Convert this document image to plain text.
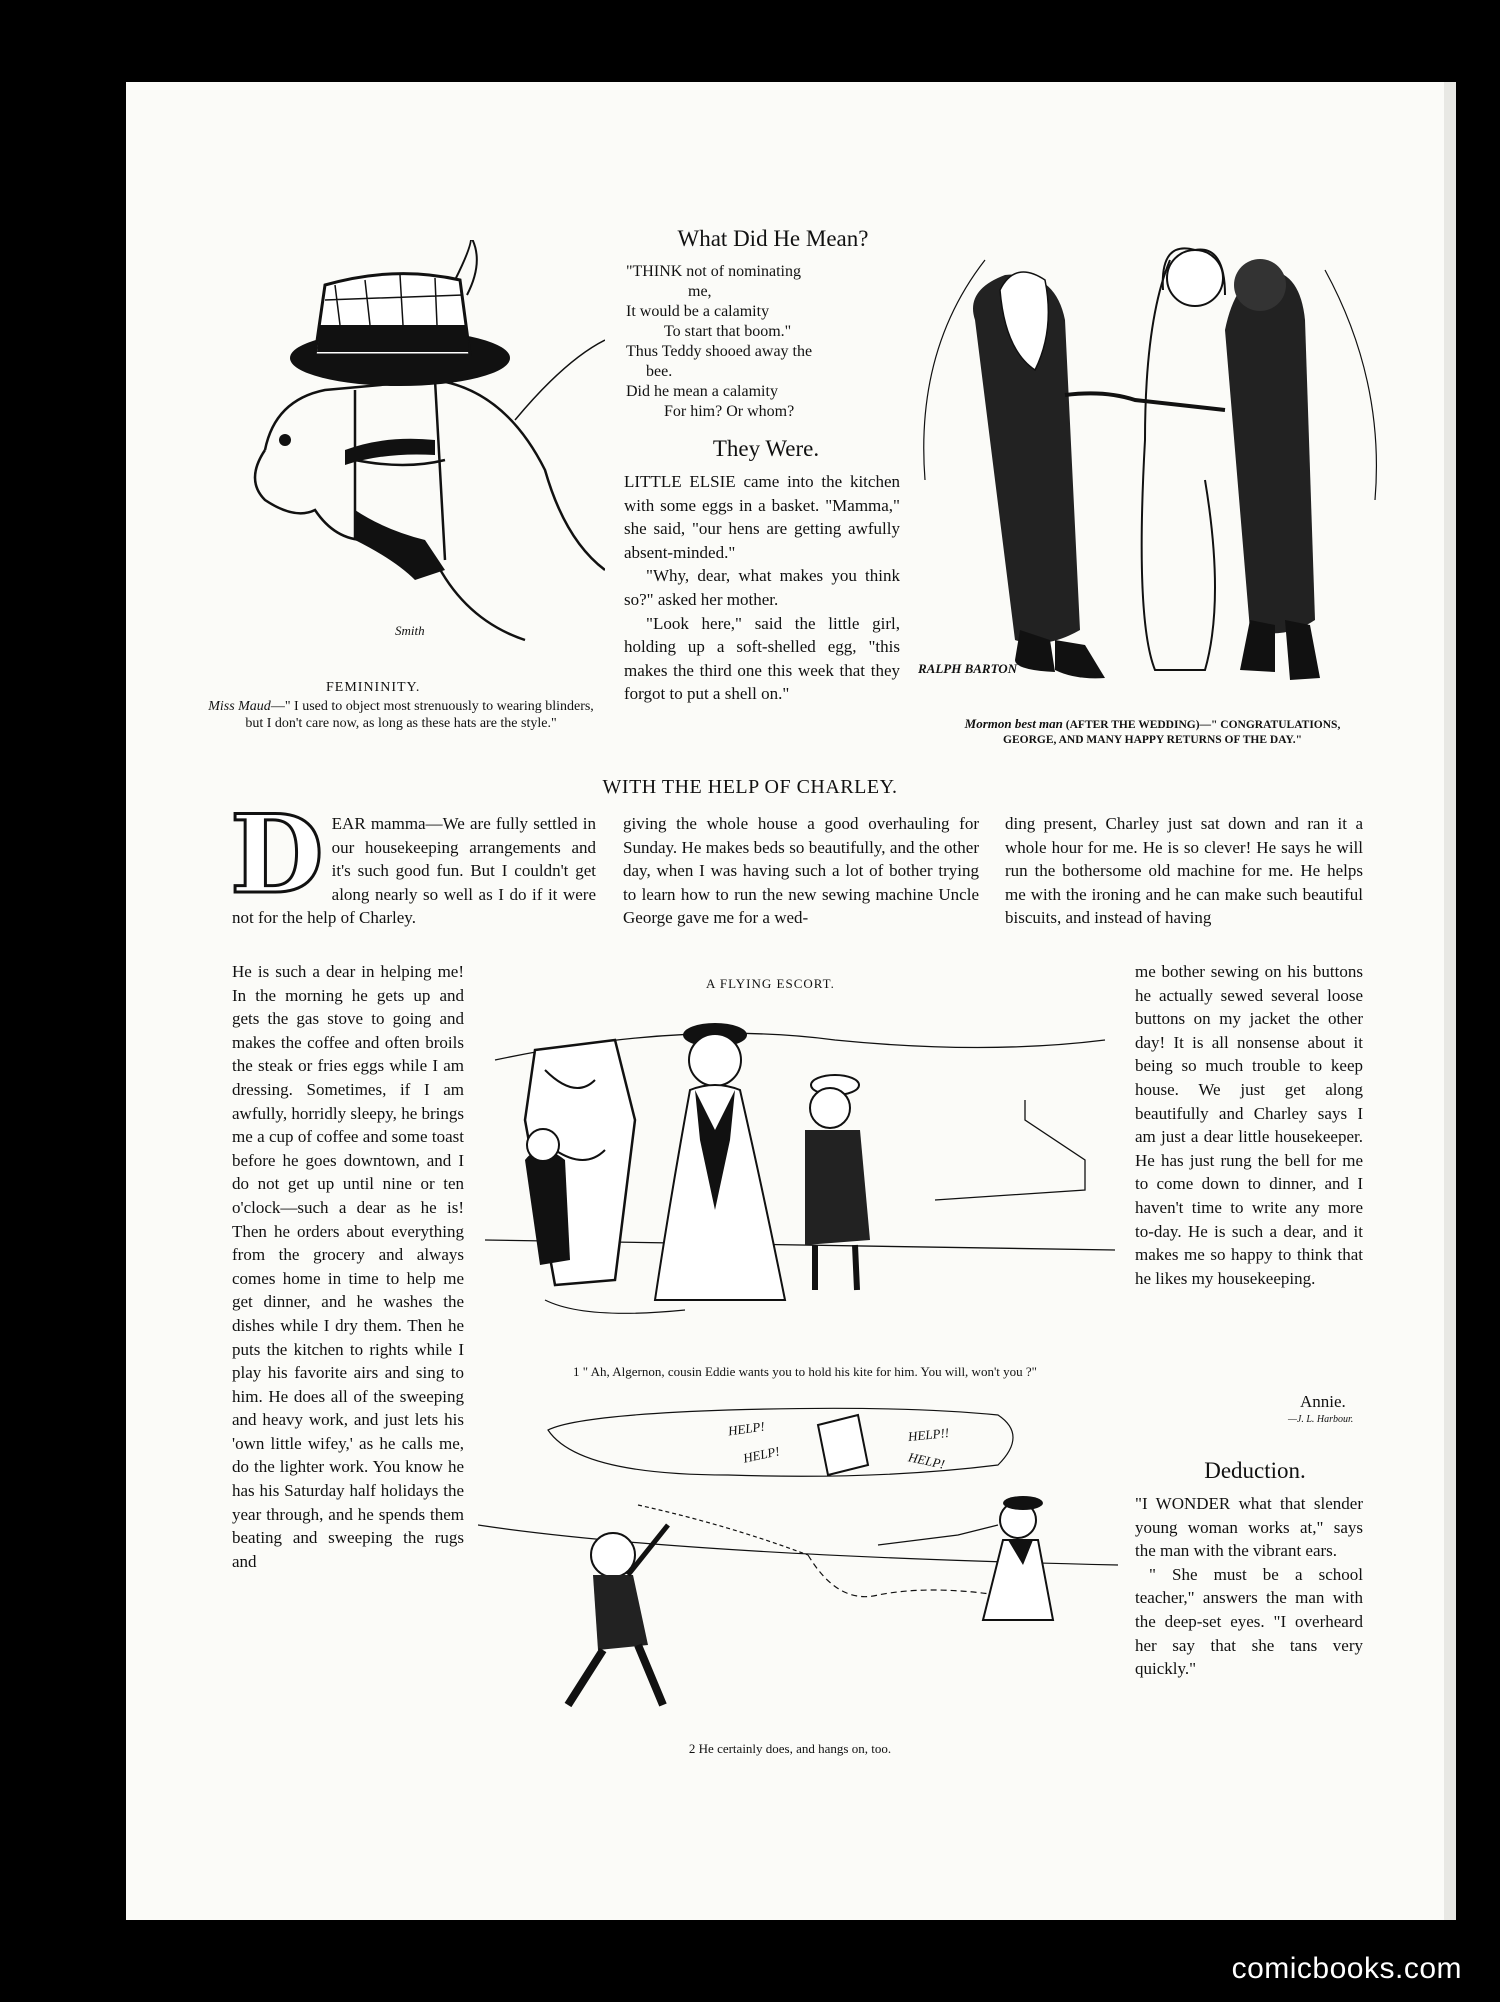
Smith
FEMININITY.
Miss Maud—" I used to object most strenuously to wearing blinders, but I don't care now, as long as these hats are the style."
What Did He Mean?
"THINK not of nominating
me,
It would be a calamity
To start that boom."
Thus Teddy shooed away the
bee.
Did he mean a calamity
For him? Or whom?
They Were.

LITTLE ELSIE came into the kitchen with some eggs in a basket. "Mamma," she said, "our hens are getting awfully absent-minded."

"Why, dear, what makes you think so?" asked her mother.

"Look here," said the little girl, holding up a soft-shelled egg, "this makes the third one this week that they forgot to put a shell on."

RALPH BARTON
Mormon best man (AFTER THE WEDDING)—" CONGRATULATIONS, GEORGE, AND MANY HAPPY RETURNS OF THE DAY."
WITH THE HELP OF CHARLEY.
D EAR mamma—We are fully settled in our housekeeping arrangements and it's such good fun. But I couldn't get along nearly so well as I do if it were not for the help of Charley.

He is such a dear in helping me! In the morning he gets up and gets the gas stove to going and makes the coffee and often broils the steak or fries eggs while I am dressing. Sometimes, if I am awfully, horridly sleepy, he brings me a cup of coffee and some toast before he goes downtown, and I do not get up until nine or ten o'clock—such a dear as he is! Then he orders about everything from the grocery and always comes home in time to help me get dinner, and he washes the dishes while I dry them. Then he puts the kitchen to rights while I play his favorite airs and sing to him. He does all of the sweeping and heavy work, and just lets his 'own little wifey,' as he calls me, do the lighter work. You know he has his Saturday half holidays the year through, and he spends them beating and sweeping the rugs and

giving the whole house a good overhauling for Sunday. He makes beds so beautifully, and the other day, when I was having such a lot of bother trying to learn how to run the new sewing machine Uncle George gave me for a wed-

ding present, Charley just sat down and ran it a whole hour for me. He is so clever! He says he will run the bothersome old machine for me. He helps me with the ironing and he can make such beautiful biscuits, and instead of having

me bother sewing on his buttons he actually sewed several loose buttons on my jacket the other day! It is all nonsense about it being so much trouble to keep house. We just get along beautifully and Charley says I am just a dear little housekeeper. He has just rung the bell for me to come down to dinner, and I haven't time to write any more to-day. He is such a dear, and it makes me so happy to think that he likes my housekeeping.

Annie.
—J. L. Harbour.
A FLYING ESCORT.
1 " Ah, Algernon, cousin Eddie wants you to hold his kite for him. You will, won't you ?"
HELP!
HELP!
HELP!!
HELP!
2 He certainly does, and hangs on, too.
Deduction.

"I WONDER what that slender young woman works at," says the man with the vibrant ears.

" She must be a school teacher," answers the man with the deep-set eyes. "I overheard her say that she tans very quickly."

comicbooks.com
